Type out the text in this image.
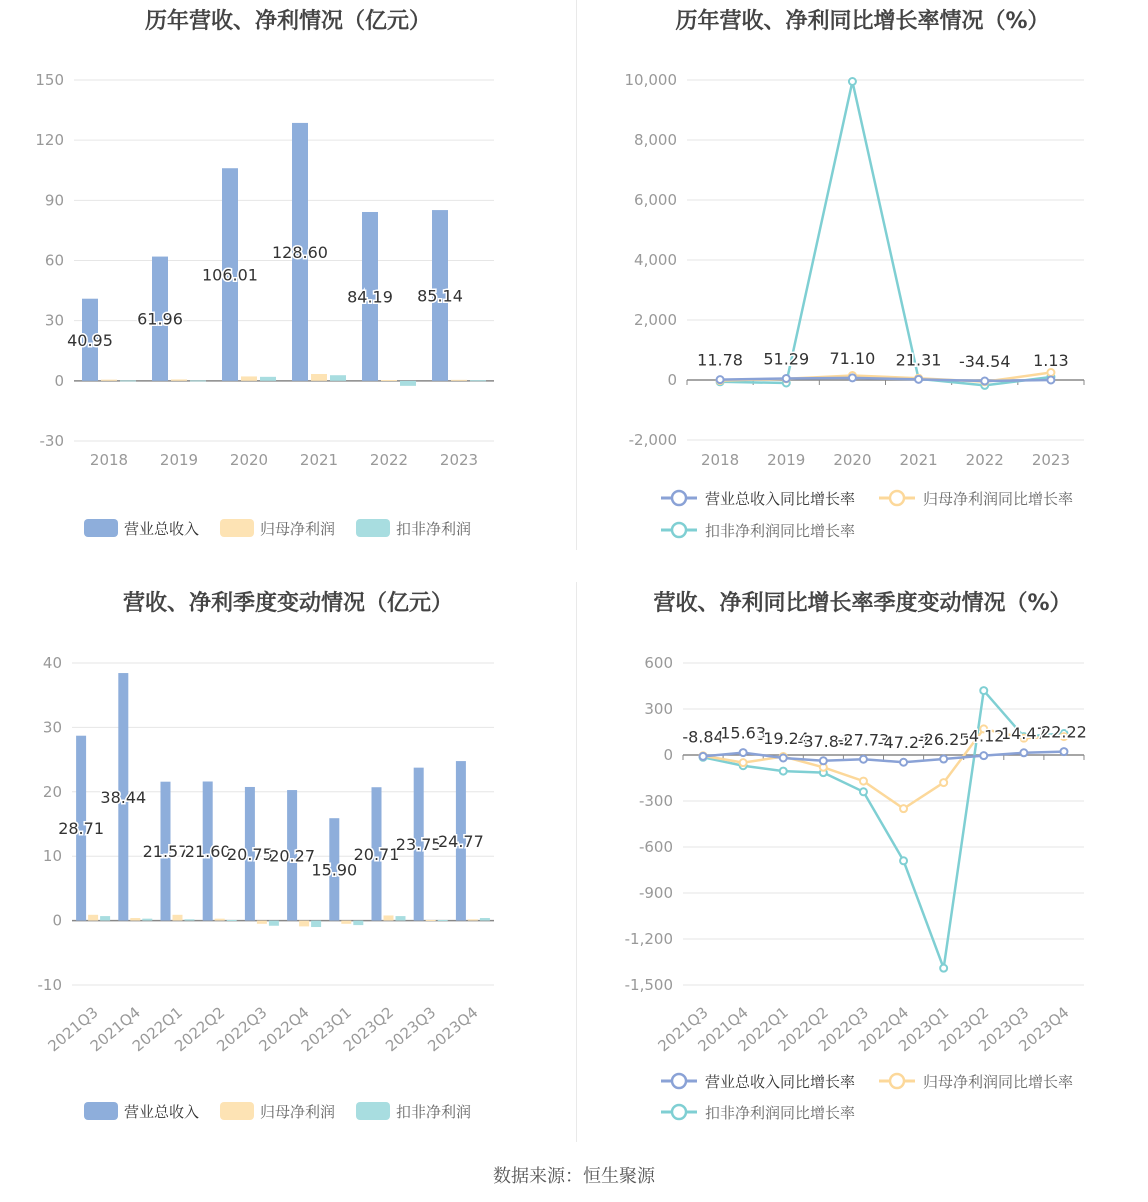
历年营收、净利情况（亿元）
150
120
90
60
30
0
-30
40.95
61.96
106.01
128.60
84.19 85.14
2018 2019 2020 2021 2022 2023
营业总收入	归母净利润	扣非净利润
历年营收、净利同比增长率情况（%）
10,000
8,000
6,000
4,000
2,000
0
-2,000
11.78 51.29 71.10 21.31 -34.54 1.13
2018 2019 2020 2021 2022 2023
营业总收入同比增长率	归母净利润同比增长率
扣非净利润同比增长率
营收、净利季度变动情况（亿元）
40
30
20
10
0
-10
28.71
38.44
21.57
21.60
20.75
20.27
15.90
20.71
23.75
24.77
2021Q3
2021Q4
2022Q1
2022Q2
2022Q3
2022Q4
2023Q1
2023Q2
2023Q3
2023Q4
营业总收入	归母净利润	扣非净利润
营收、净利同比增长率季度变动情况（%）
600
300
0
-300
-600
-900
-1,200
-1,500
-8.84
15.63
-19.24
-37.84
-27.73
-47.27
-26.25
-4.12
14.47
22.22
2021Q3
2021Q4
2022Q1
2022Q2
2022Q3
2022Q4
2023Q1
2023Q2
2023Q3
2023Q4
营业总收入同比增长率	归母净利润同比增长率
扣非净利润同比增长率
数据来源：恒生聚源
